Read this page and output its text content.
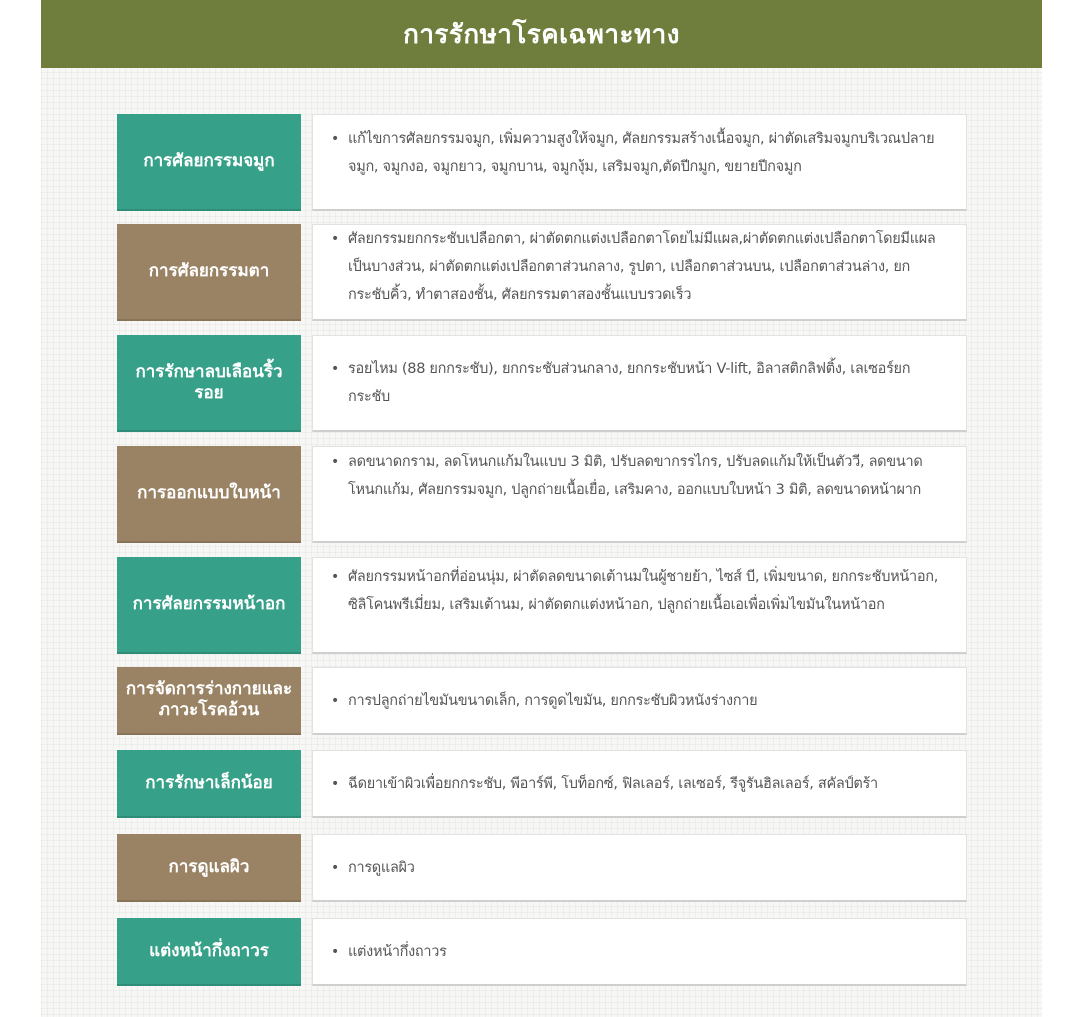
การรักษาโรคเฉพาะทาง
การศัลยกรรมจมูก
• แก้ไขการศัลยกรรมจมูก, เพิ่มความสูงให้จมูก, ศัลยกรรมสร้างเนื้อจมูก, ผ่าตัดเสริมจมูกบริเวณปลายจมูก, จมูกงอ, จมูกยาว, จมูกบาน, จมูกงุ้ม, เสริมจมูก,ตัดปีกมูก, ขยายปีกจมูก
การศัลยกรรมตา
• ศัลยกรรมยกกระชับเปลือกตา, ผ่าตัดตกแต่งเปลือกตาโดยไม่มีแผล,ผ่าตัดตกแต่งเปลือกตาโดยมีแผลเป็นบางส่วน, ผ่าตัดตกแต่งเปลือกตาส่วนกลาง, รูปตา, เปลือกตาส่วนบน, เปลือกตาส่วนล่าง, ยกกระชับคิ้ว, ทำตาสองชั้น, ศัลยกรรมตาสองชั้นแบบรวดเร็ว
การรักษาลบเลือนริ้วรอย
• รอยไหม (88 ยกกระชับ), ยกกระชับส่วนกลาง, ยกกระชับหน้า V-lift, อิลาสติกลิฟติ้ง, เลเซอร์ยกกระชับ
การออกแบบใบหน้า
• ลดขนาดกราม, ลดโหนกแก้มในแบบ 3 มิติ, ปรับลดขากรรไกร, ปรับลดแก้มให้เป็นตัววี, ลดขนาดโหนกแก้ม, ศัลยกรรมจมูก, ปลูกถ่ายเนื้อเยื่อ, เสริมคาง, ออกแบบใบหน้า 3 มิติ, ลดขนาดหน้าผาก
การศัลยกรรมหน้าอก
• ศัลยกรรมหน้าอกที่อ่อนนุ่ม, ผ่าตัดลดขนาดเต้านมในผู้ชายย้า, ไซส์ บี, เพิ่มขนาด, ยกกระชับหน้าอก, ซิลิโคนพรีเมี่ยม, เสริมเต้านม, ผ่าตัดตกแต่งหน้าอก, ปลูกถ่ายเนื้อเอเพื่อเพิ่มไขมันในหน้าอก
การจัดการร่างกายและภาวะโรคอ้วน	• การปลูกถ่ายไขมันขนาดเล็ก, การดูดไขมัน, ยกกระชับผิวหนังร่างกาย
การรักษาเล็กน้อย	• ฉีดยาเข้าผิวเพื่อยกกระชับ, พีอาร์พี, โบท็อกซ์, ฟิลเลอร์, เลเซอร์, รีจูรันฮิลเลอร์, สคัลป์ตร้า
การดูแลผิว	• การดูแลผิว
แต่งหน้ากึ่งถาวร	• แต่งหน้ากึ่งถาวร
